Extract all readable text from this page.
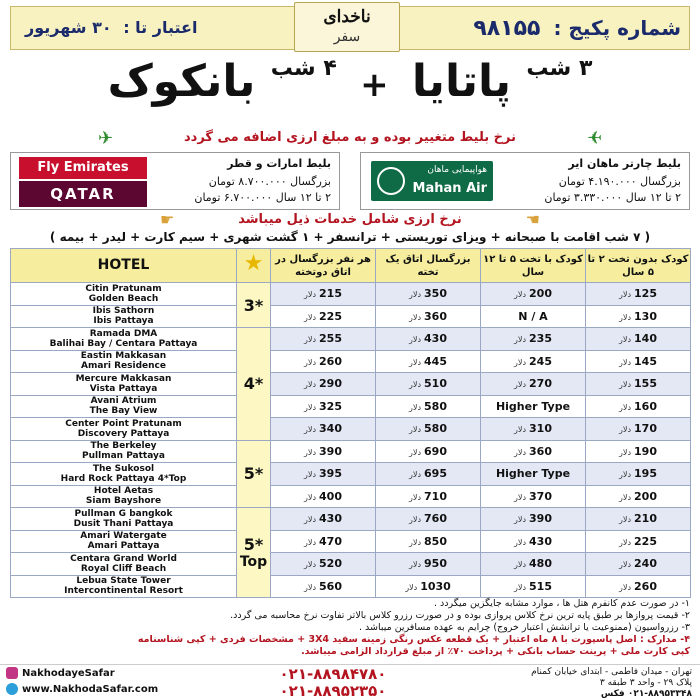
شماره پکیج : ۹۸۱۵۵
اعتبار تا : ۳۰ شهریور
ناخدای
سفر
$^{۳ شب}$ پاتایا + $^{۴ شب}$ بانکوک
✈	✈
نرخ بلیط متغییر بوده و به مبلغ ارزی اضافه می گردد
بلیط چارتر ماهان ایر
بزرگسال ۴.۱۹۰.۰۰۰ تومان
۲ تا ۱۲ سال ۳.۳۳۰.۰۰۰ تومان
هواپیمایی ماهان
Mahan Air
بلیط امارات و قطر
بزرگسال ۸.۷۰۰.۰۰۰ تومان
۲ تا ۱۲ سال ۶.۷۰۰.۰۰۰ تومان
Fly Emirates
QATAR
☛	☚
نرخ ارزی شامل خدمات ذیل میباشد
( ۷ شب اقامت با صبحانه + ویزای توریستی + ترانسفر + ۱ گشت شهری + سیم کارت + لیدر + بیمه )
HOTEL	★	هر نفر بزرگسال در اتاق دوتخته	بزرگسال اتاق یک تخته	کودک با تخت ۵ تا ۱۲ سال	کودک بدون تخت ۲ تا ۵ سال

Citin Pratunam
Golden Beach	3*	215دلار	350دلار	200دلار	125دلار

Ibis Sathorn
Ibis Pattaya		225دلار	360دلار	N / A	130دلار

Ramada DMA
Balihai Bay / Centara Pattaya	4*	255دلار	430دلار	235دلار	140دلار

Eastin Makkasan
Amari Residence		260دلار	445دلار	245دلار	145دلار

Mercure Makkasan
Vista Pattaya		290دلار	510دلار	270دلار	155دلار

Avani Atrium
The Bay View		325دلار	580دلار	Higher Type	160دلار

Center Point Pratunam
Discovery Pattaya		340دلار	580دلار	310دلار	170دلار

The Berkeley
Pullman Pattaya	5*	390دلار	690دلار	360دلار	190دلار

The Sukosol
Hard Rock Pattaya 4*Top		395دلار	695دلار	Higher Type	195دلار

Hotel Aetas
Siam Bayshore		400دلار	710دلار	370دلار	200دلار

Pullman G bangkok
Dusit Thani Pattaya	5*
Top	430دلار	760دلار	390دلار	210دلار

Amari Watergate
Amari Pattaya		470دلار	850دلار	430دلار	225دلار

Centara Grand World
Royal Cliff Beach		520دلار	950دلار	480دلار	240دلار

Lebua State Tower
Intercontinental Resort		560دلار	1030دلار	515دلار	260دلار
۱- در صورت عدم کانفرم هتل ها ، موارد مشابه جایگزین میگردد .
۲- قیمت پروازها بر طبق پایه ترین نرخ کلاس پروازی بوده و در صورت رزرو کلاس بالاتر تفاوت نرخ محاسبه می گردد.
۳- رزرواسیون (ممنوعیت یا ترانشش اعتبار خروج) چرایم به عهده مسافرین میباشد .
۴- مدارک : اصل پاسپورت با ۸ ماه اعتبار + یک قطعه عکس رنگی زمینه سفید 3X4 + مشخصات فردی + کپی شناسنامه
کپی کارت ملی + پرینت حساب بانکی + پرداخت ۷۰٪ از مبلغ قرارداد الزامی میباشد.
NakhodayeSafar
www.NakhodaSafar.com
۰۲۱-۸۸۹۸۴۷۸۰
۰۲۱-۸۸۹۵۲۳۵۰
تهران - میدان فاطمی - ابتدای خیابان کمنام
پلاک ۲۹ - واحد ۳ طبقه ۳
۰۲۱-۸۸۹۵۳۳۴۸ فکس
